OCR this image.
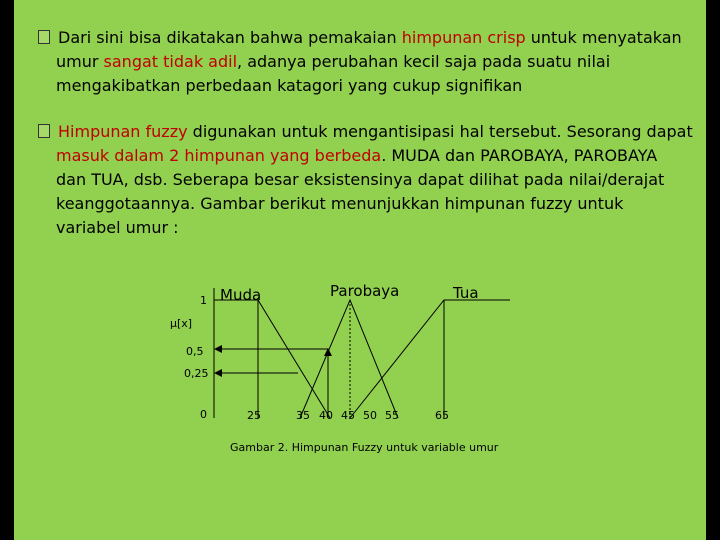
Dari sini bisa dikatakan bahwa pemakaian himpunan crisp untuk menyatakan
umur sangat tidak adil, adanya perubahan kecil saja pada suatu nilai
mengakibatkan perbedaan katagori yang cukup signifikan
Himpunan fuzzy digunakan untuk mengantisipasi hal tersebut. Sesorang dapat
masuk dalam 2 himpunan yang berbeda. MUDA dan PAROBAYA, PAROBAYA
dan TUA, dsb. Seberapa besar eksistensinya dapat dilihat pada nilai/derajat
keanggotaannya. Gambar berikut menunjukkan himpunan fuzzy untuk
variabel umur :
Muda	Parobaya	Tua
µ[x]
1
0,5
0,25
0	25	35 40 45 50 55	65
Gambar 2. Himpunan Fuzzy untuk variable umur
